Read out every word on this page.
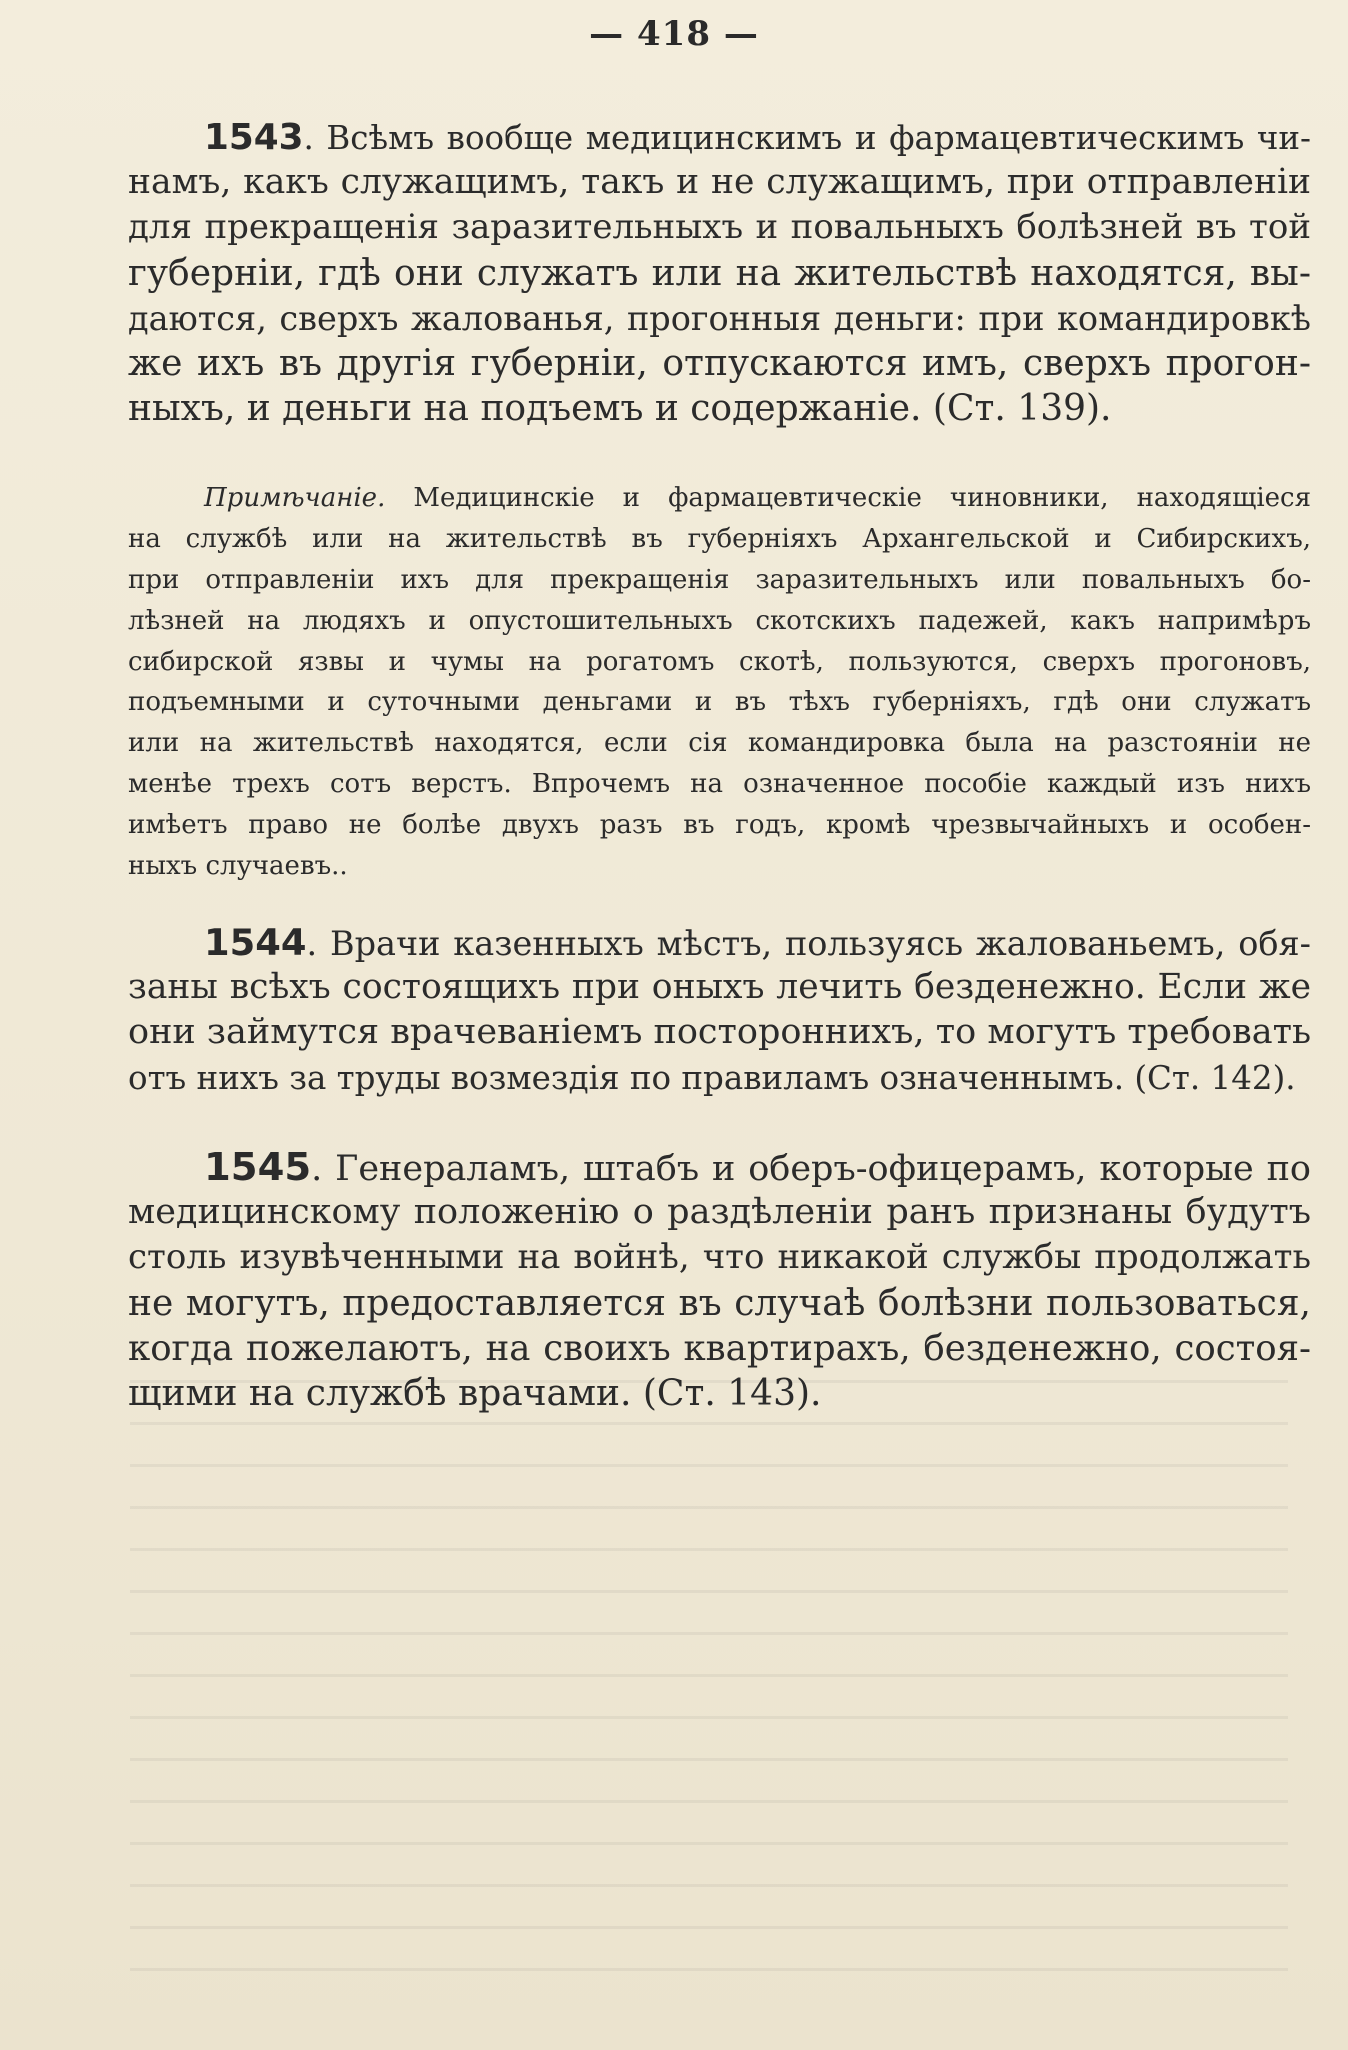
— 418 —
1543. Всѣмъ вообще медицинскимъ и фармацевтическимъ чи-
намъ, какъ служащимъ, такъ и не служащимъ, при отправленіи
для прекращенія заразительныхъ и повальныхъ болѣзней въ той
губерніи, гдѣ они служатъ или на жительствѣ находятся, вы-
даются, сверхъ жалованья, прогонныя деньги: при командировкѣ
же ихъ въ другія губерніи, отпускаются имъ, сверхъ прогон-
ныхъ, и деньги на подъемъ и содержаніе. (Ст. 139).
Примѣчаніе. Медицинскіе и фармацевтическіе чиновники, находящіеся
на службѣ или на жительствѣ въ губерніяхъ Архангельской и Сибирскихъ,
при отправленіи ихъ для прекращенія заразительныхъ или повальныхъ бо-
лѣзней на людяхъ и опустошительныхъ скотскихъ падежей, какъ напримѣръ
сибирской язвы и чумы на рогатомъ скотѣ, пользуются, сверхъ прогоновъ,
подъемными и суточными деньгами и въ тѣхъ губерніяхъ, гдѣ они служатъ
или на жительствѣ находятся, если сія командировка была на разстояніи не
менѣе трехъ сотъ верстъ. Впрочемъ на означенное пособіе каждый изъ нихъ
имѣетъ право не болѣе двухъ разъ въ годъ, кромѣ чрезвычайныхъ и особен-
ныхъ случаевъ..
1544. Врачи казенныхъ мѣстъ, пользуясь жалованьемъ, обя-
заны всѣхъ состоящихъ при оныхъ лечить безденежно. Если же
они займутся врачеваніемъ постороннихъ, то могутъ требовать
отъ нихъ за труды возмездія по правиламъ означеннымъ. (Ст. 142).
1545. Генераламъ, штабъ и оберъ-офицерамъ, которые по
медицинскому положенію о раздѣленіи ранъ признаны будутъ
столь изувѣченными на войнѣ, что никакой службы продолжать
не могутъ, предоставляется въ случаѣ болѣзни пользоваться,
когда пожелаютъ, на своихъ квартирахъ, безденежно, состоя-
щими на службѣ врачами. (Ст. 143).
